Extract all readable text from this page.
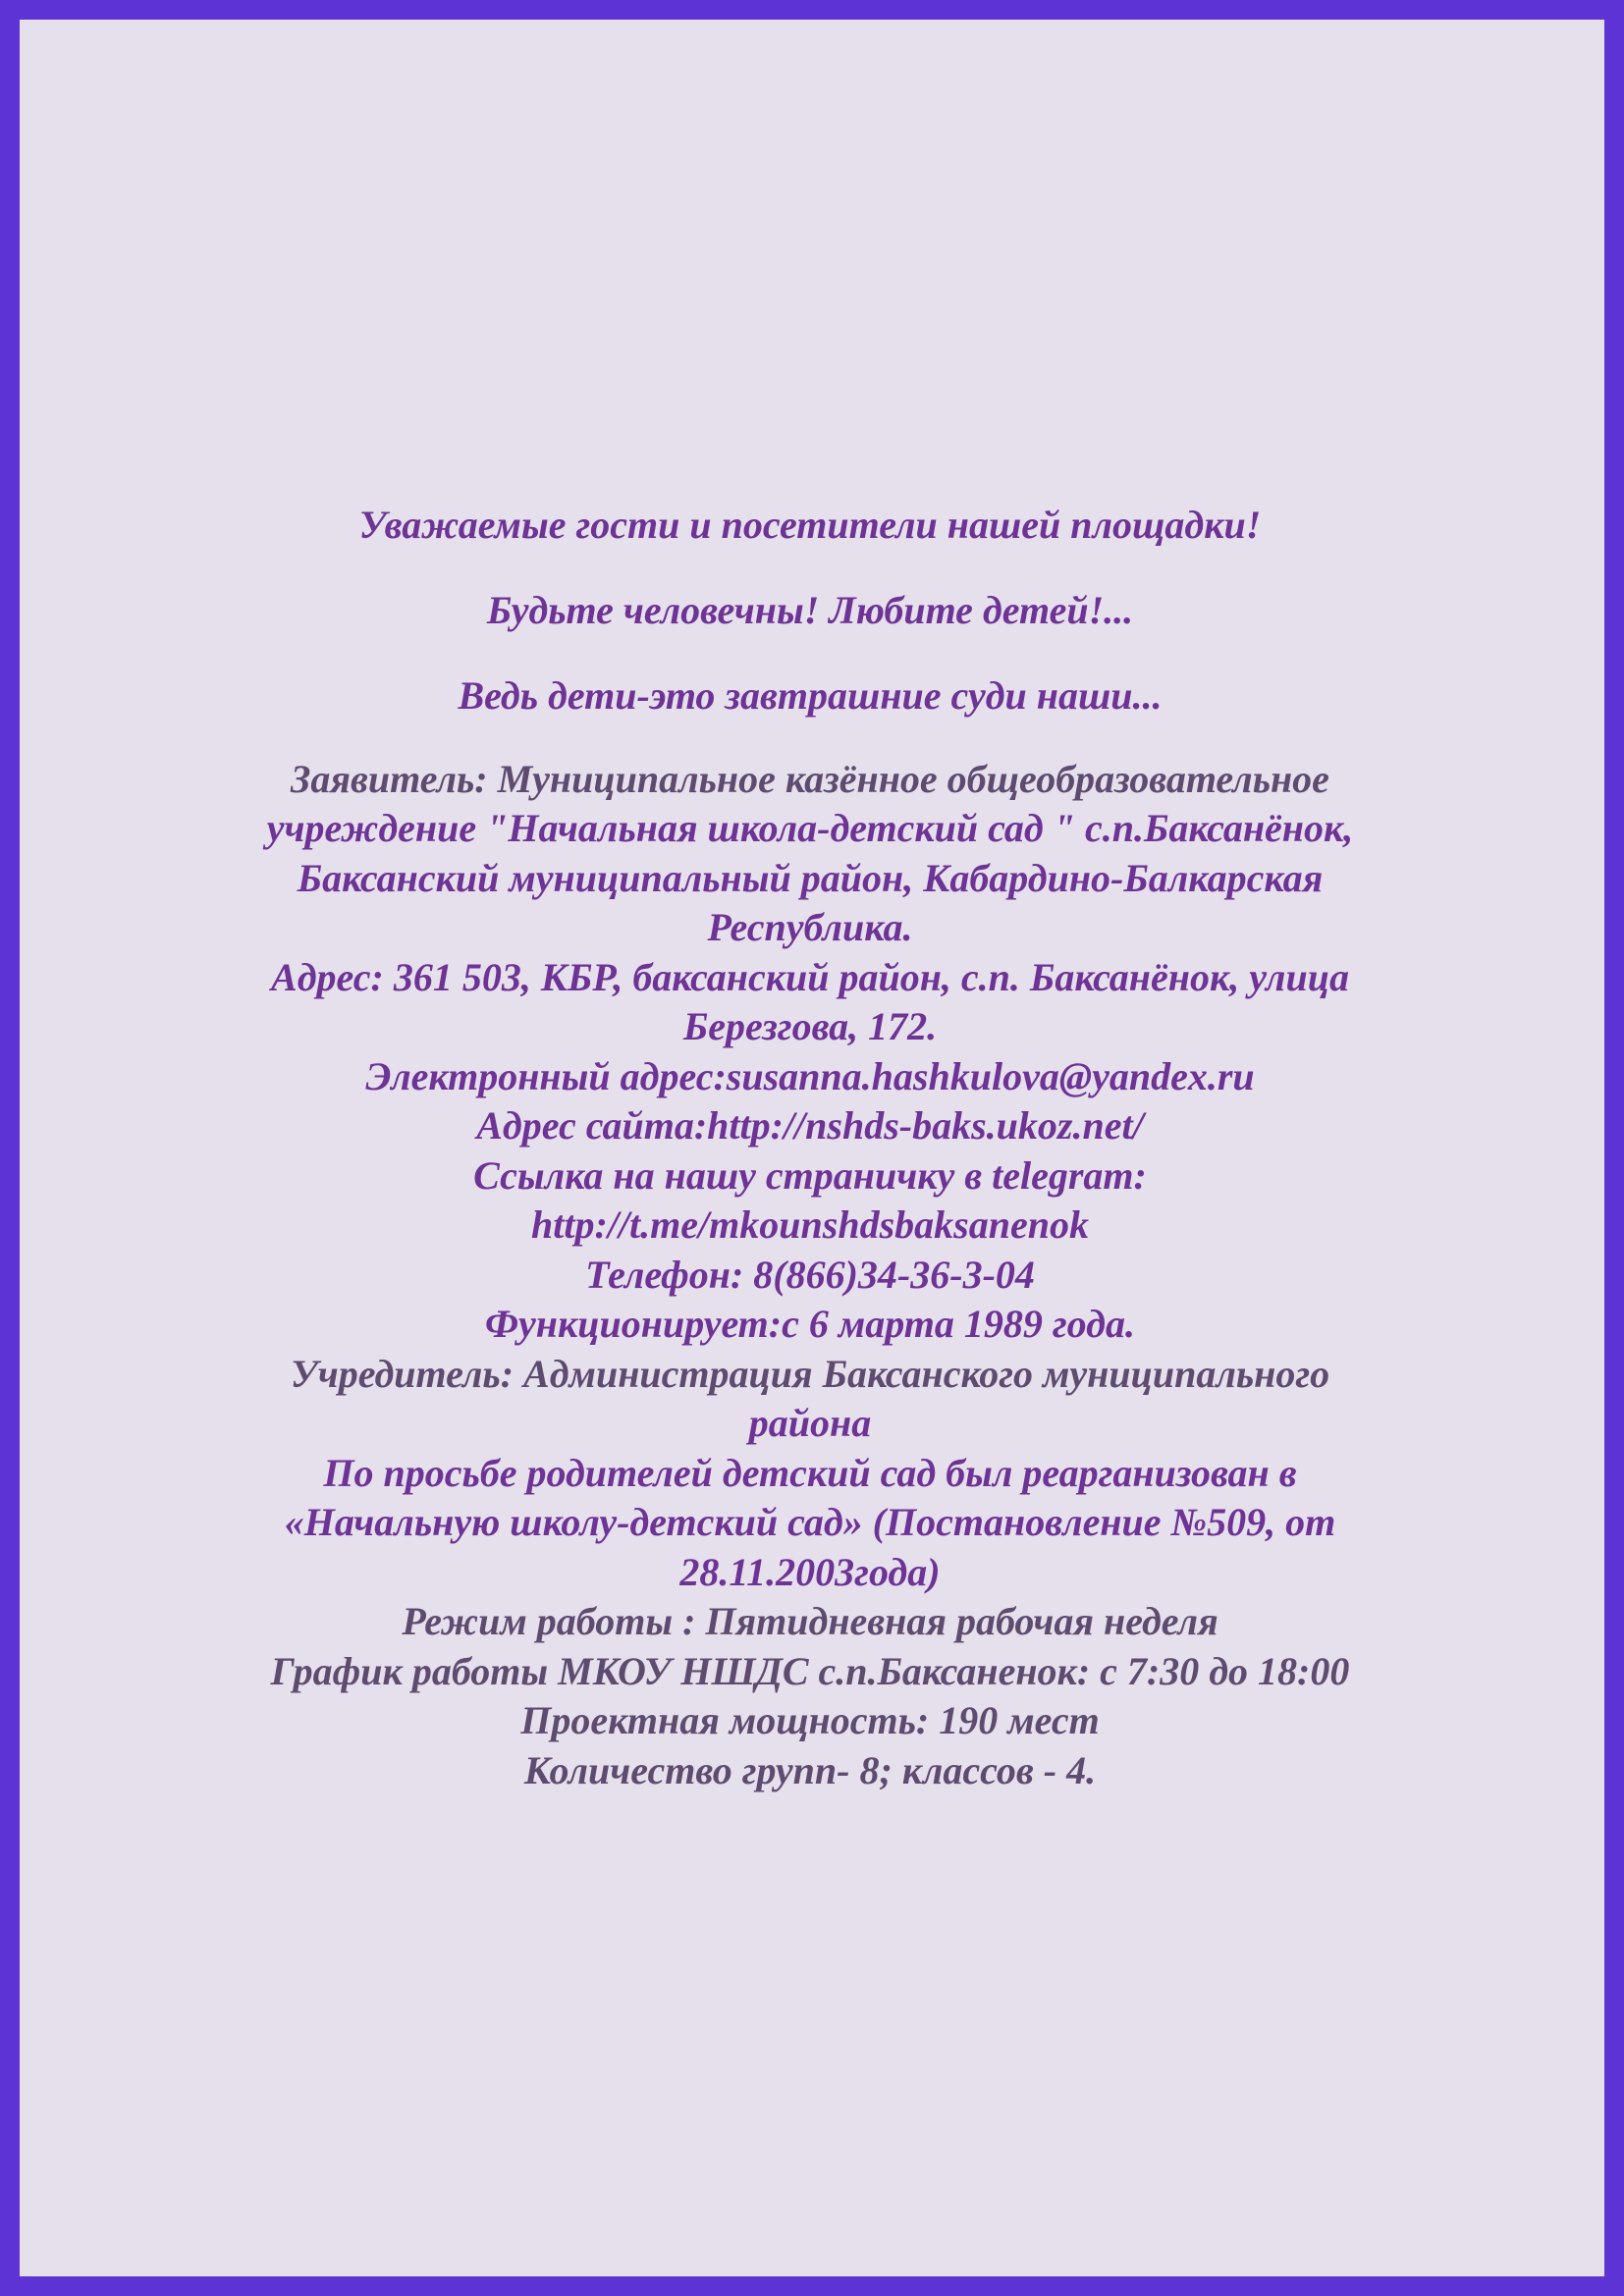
Уважаемые гости и посетители нашей площадки!
Будьте человечны! Любите детей!...
Ведь дети-это завтрашние суди наши...
Заявитель: Муниципальное казённое общеобразовательное
учреждение "Начальная школа-детский сад " с.п.Баксанёнок,
Баксанский муниципальный район, Кабардино-Балкарская
Республика.
Адрес: 361 503, КБР, баксанский район, с.п. Баксанёнок, улица
Березгова, 172.
Электронный адрес:susanna.hashkulova@yandex.ru
Адрес сайта:http://nshds-baks.ukoz.net/
Ссылка на нашу страничку в telegram:
http://t.me/mkounshdsbaksanenok
Телефон: 8(866)34-36-3-04
Функционирует:с 6 марта 1989 года.
Учредитель: Администрация Баксанского муниципального
района
По просьбе родителей детский сад был реарганизован в
«Начальную школу-детский сад» (Постановление №509, от
28.11.2003года)
Режим работы : Пятидневная рабочая неделя
График работы МКОУ НШДС с.п.Баксаненок: с 7:30 до 18:00
Проектная мощность: 190 мест
Количество групп- 8; классов - 4.
